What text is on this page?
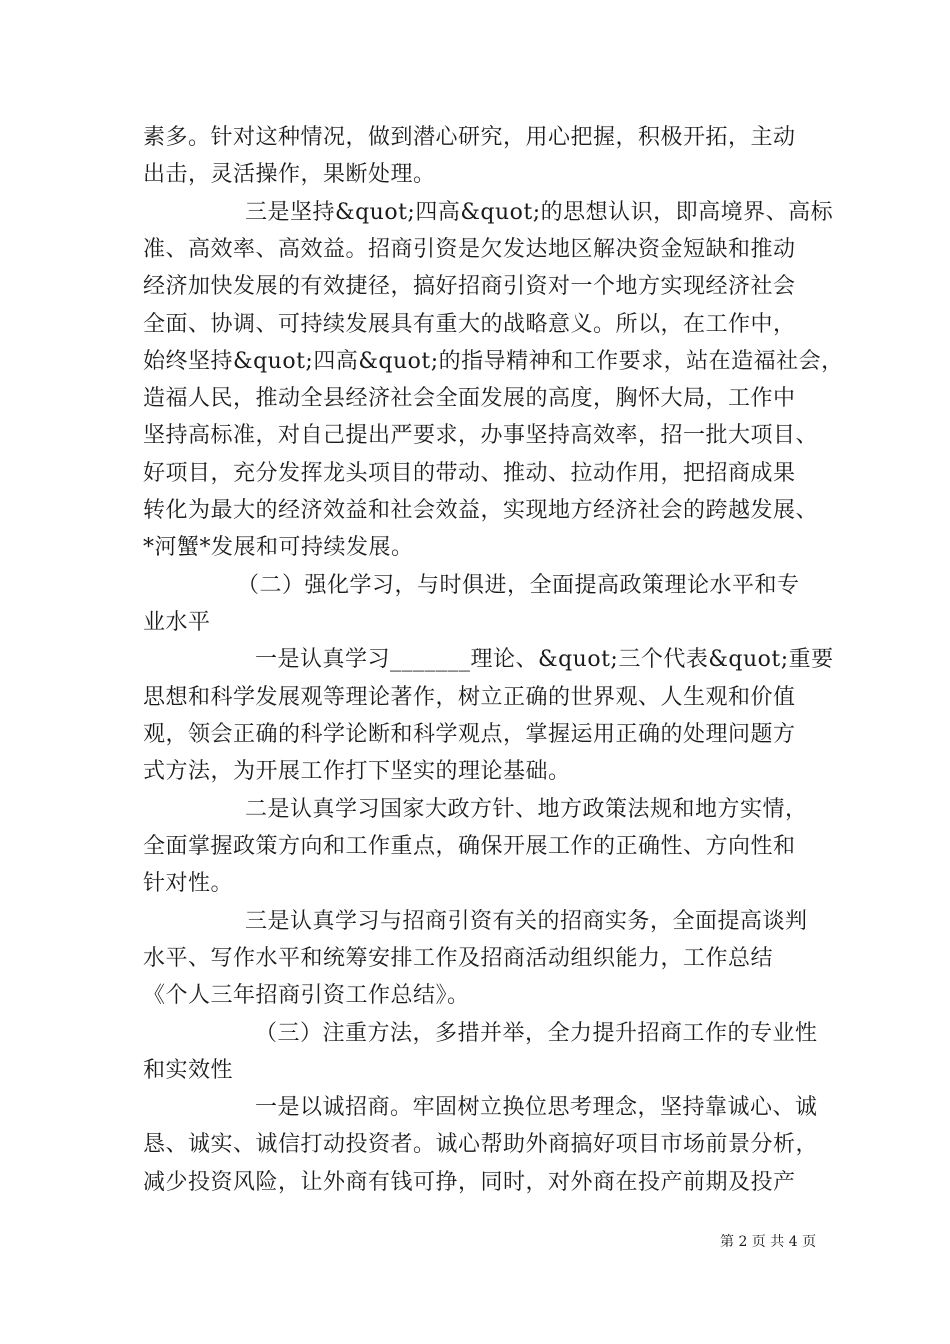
素多。针对这种情况，做到潜心研究，用心把握，积极开拓，主动
出击，灵活操作，果断处理。
三是坚持&quot;四高&quot;的思想认识，即高境界、高标
准、高效率、高效益。招商引资是欠发达地区解决资金短缺和推动
经济加快发展的有效捷径，搞好招商引资对一个地方实现经济社会
全面、协调、可持续发展具有重大的战略意义。所以，在工作中，
始终坚持&quot;四高&quot;的指导精神和工作要求，站在造福社会，
造福人民，推动全县经济社会全面发展的高度，胸怀大局，工作中
坚持高标准，对自己提出严要求，办事坚持高效率，招一批大项目、
好项目，充分发挥龙头项目的带动、推动、拉动作用，把招商成果
转化为最大的经济效益和社会效益，实现地方经济社会的跨越发展、
*河蟹*发展和可持续发展。
（二）强化学习，与时俱进，全面提高政策理论水平和专
业水平
一是认真学习_______理论、&quot;三个代表&quot;重要
思想和科学发展观等理论著作，树立正确的世界观、人生观和价值
观，领会正确的科学论断和科学观点，掌握运用正确的处理问题方
式方法，为开展工作打下坚实的理论基础。
二是认真学习国家大政方针、地方政策法规和地方实情，
全面掌握政策方向和工作重点，确保开展工作的正确性、方向性和
针对性。
三是认真学习与招商引资有关的招商实务，全面提高谈判
水平、写作水平和统筹安排工作及招商活动组织能力，工作总结
《个人三年招商引资工作总结》。
（三）注重方法，多措并举，全力提升招商工作的专业性
和实效性
一是以诚招商。牢固树立换位思考理念，坚持靠诚心、诚
恳、诚实、诚信打动投资者。诚心帮助外商搞好项目市场前景分析，
减少投资风险，让外商有钱可挣，同时，对外商在投产前期及投产
第 2 页 共 4 页
